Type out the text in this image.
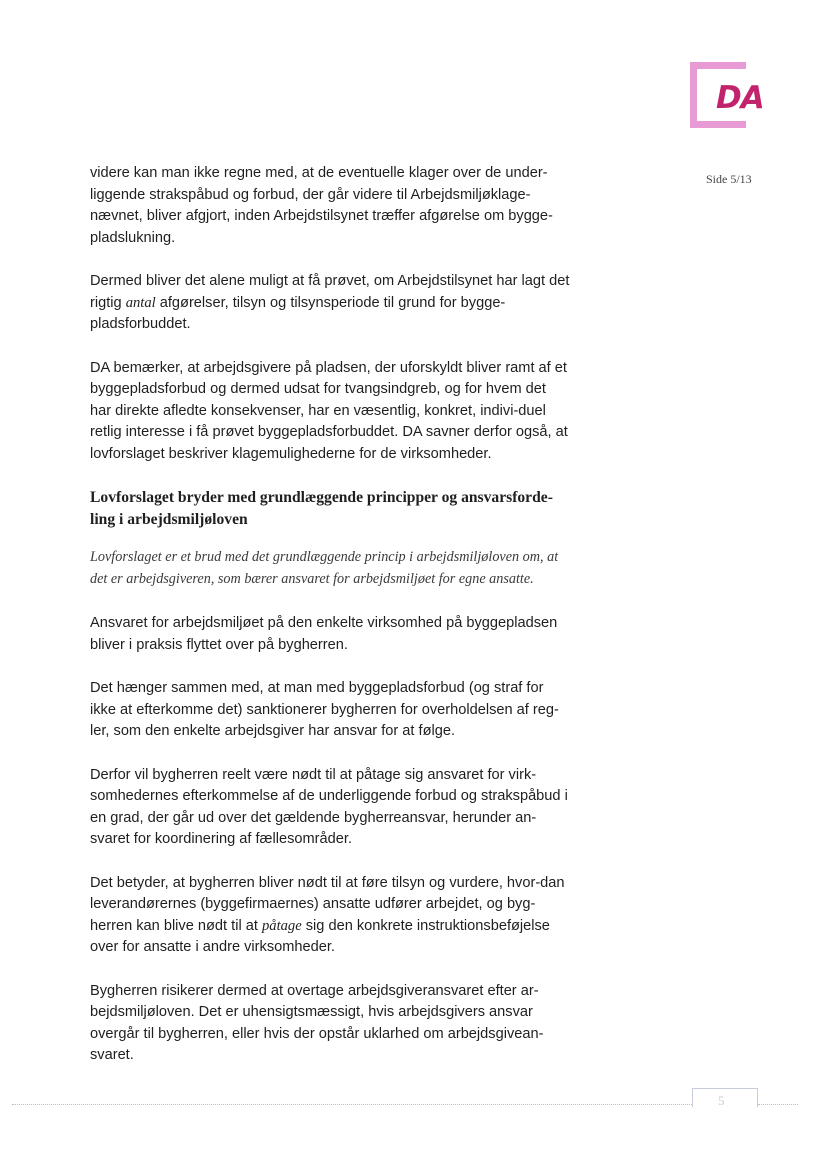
DA
Side 5/13

videre kan man ikke regne med, at de eventuelle klager over de under-liggende strakspåbud og forbud, der går videre til Arbejdsmiljøklage-nævnet, bliver afgjort, inden Arbejdstilsynet træffer afgørelse om bygge-pladslukning.

Dermed bliver det alene muligt at få prøvet, om Arbejdstilsynet har lagt det rigtig antal afgørelser, tilsyn og tilsynsperiode til grund for bygge-pladsforbuddet.

DA bemærker, at arbejdsgivere på pladsen, der uforskyldt bliver ramt af et byggepladsforbud og dermed udsat for tvangsindgreb, og for hvem det har direkte afledte konsekvenser, har en væsentlig, konkret, indivi-duel retlig interesse i få prøvet byggepladsforbuddet. DA savner derfor også, at lovforslaget beskriver klagemulighederne for de virksomheder.

Lovforslaget bryder med grundlæggende principper og ansvarsforde-ling i arbejdsmiljøloven

Lovforslaget er et brud med det grundlæggende princip i arbejdsmiljøloven om, at det er arbejdsgiveren, som bærer ansvaret for arbejdsmiljøet for egne ansatte.

Ansvaret for arbejdsmiljøet på den enkelte virksomhed på byggepladsen bliver i praksis flyttet over på bygherren.

Det hænger sammen med, at man med byggepladsforbud (og straf for ikke at efterkomme det) sanktionerer bygherren for overholdelsen af reg-ler, som den enkelte arbejdsgiver har ansvar for at følge.

Derfor vil bygherren reelt være nødt til at påtage sig ansvaret for virk-somhedernes efterkommelse af de underliggende forbud og strakspåbud i en grad, der går ud over det gældende bygherreansvar, herunder an-svaret for koordinering af fællesområder.

Det betyder, at bygherren bliver nødt til at føre tilsyn og vurdere, hvor-dan leverandørernes (byggefirmaernes) ansatte udfører arbejdet, og byg-herren kan blive nødt til at påtage sig den konkrete instruktionsbeføjelse over for ansatte i andre virksomheder.

Bygherren risikerer dermed at overtage arbejdsgiveransvaret efter ar-bejdsmiljøloven. Det er uhensigtsmæssigt, hvis arbejdsgivers ansvar overgår til bygherren, eller hvis der opstår uklarhed om arbejdsgivean-svaret.

5
